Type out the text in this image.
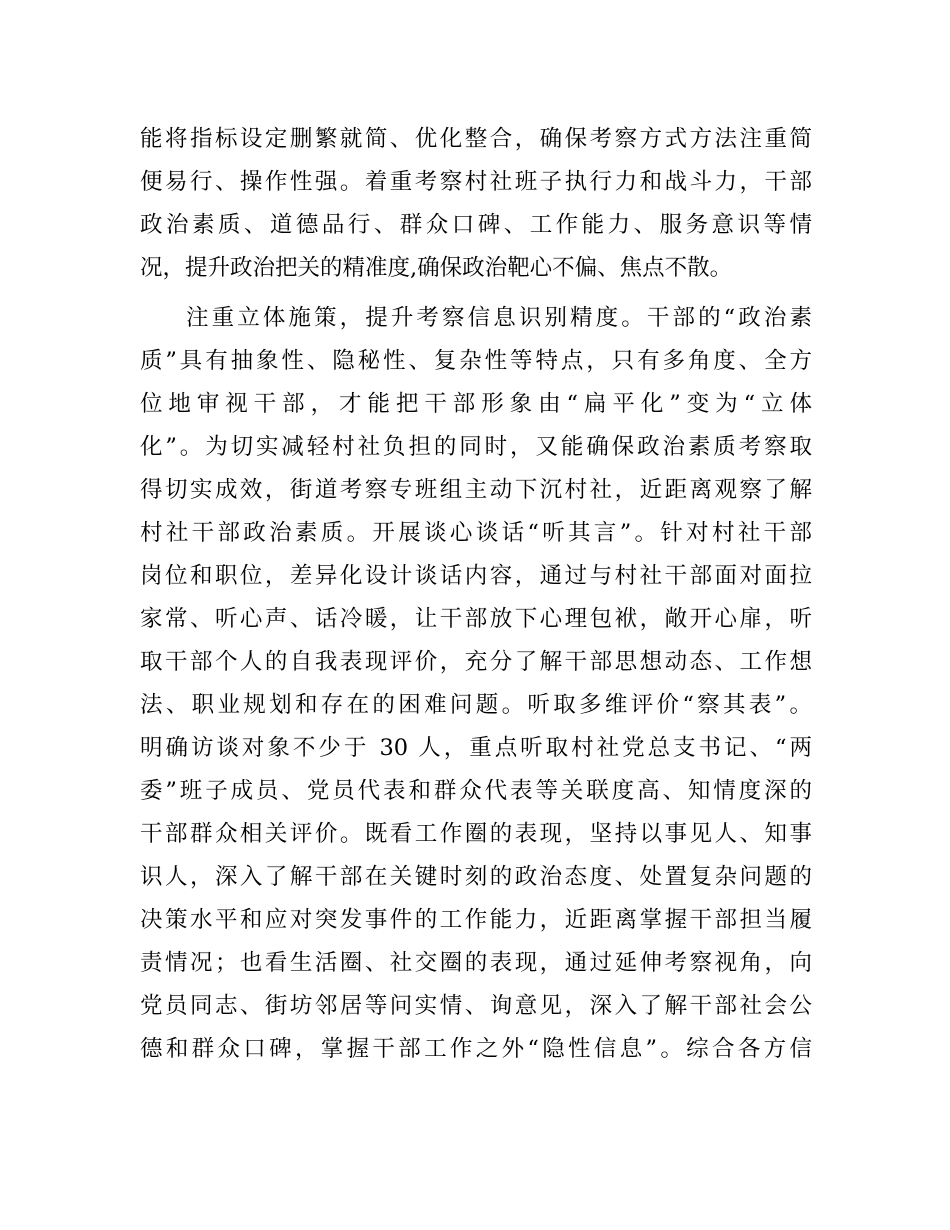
能将指标设定删繁就简、优化整合，确保考察方式方法注重简
便易行、操作性强。着重考察村社班子执行力和战斗力，干部
政治素质、道德品行、群众口碑、工作能力、服务意识等情
况，提升政治把关的精准度,确保政治靶心不偏、焦点不散。
注重立体施策，提升考察信息识别精度。干部的“政治素
质”具有抽象性、隐秘性、复杂性等特点，只有多角度、全方
位地审视干部，才能把干部形象由“扁平化”变为“立体
化”。为切实减轻村社负担的同时，又能确保政治素质考察取
得切实成效，街道考察专班组主动下沉村社，近距离观察了解
村社干部政治素质。开展谈心谈话“听其言”。针对村社干部
岗位和职位，差异化设计谈话内容，通过与村社干部面对面拉
家常、听心声、话冷暖，让干部放下心理包袱，敞开心扉，听
取干部个人的自我表现评价，充分了解干部思想动态、工作想
法、职业规划和存在的困难问题。听取多维评价“察其表”。
明确访谈对象不少于 30 人，重点听取村社党总支书记、“两
委”班子成员、党员代表和群众代表等关联度高、知情度深的
干部群众相关评价。既看工作圈的表现，坚持以事见人、知事
识人，深入了解干部在关键时刻的政治态度、处置复杂问题的
决策水平和应对突发事件的工作能力，近距离掌握干部担当履
责情况；也看生活圈、社交圈的表现，通过延伸考察视角，向
党员同志、街坊邻居等问实情、询意见，深入了解干部社会公
德和群众口碑，掌握干部工作之外“隐性信息”。综合各方信
